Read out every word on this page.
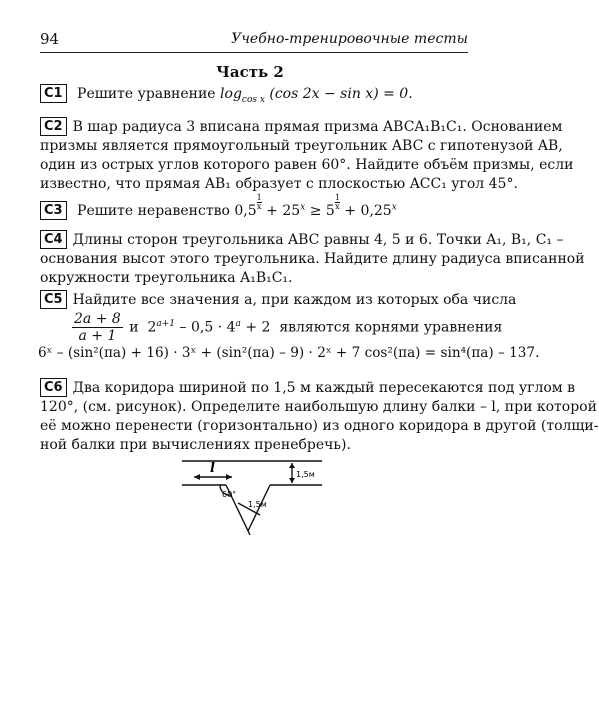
94	Учебно-тренировочные тесты
Часть 2
C1 Решите уравнение $\log_{cos x} (\cos$ 2x − sin x) = 0.
C2 В шар радиуса 3 вписана прямая призма ABCA₁B₁C₁. Основанием
призмы является прямоугольный треугольник ABC с гипотенузой AB,
один из острых углов которого равен 60°. Найдите объём призмы, если
известно, что прямая AB₁ образует с плоскостью ACC₁ угол 45°.
C3 Решите неравенство $0,5 \frac{1}{x} + 25^x \ge 5 \frac{1}{x} + 0,25^x$
C4 Длины сторон треугольника ABC равны 4, 5 и 6. Точки A₁, B₁, C₁ –
основания высот этого треугольника. Найдите длину радиуса вписанной
окружности треугольника A₁B₁C₁.
C5 Найдите все значения a, при каждом из которых оба числа
$\frac{2a + 8}{a + 1}$ и $2^{a+1} - 0,5 \cdot 4^a + 2$ являются корнями уравнения
6ˣ – (sin²(πa) + 16) · 3ˣ + (sin²(πa) – 9) · 2ˣ + 7 cos²(πa) = sin⁴(πa) – 137.
C6 Два коридора шириной по 1,5 м каждый пересекаются под углом в
120°, (см. рисунок). Определите наибольшую длину балки – l, при которой
её можно перенести (горизонтально) из одного коридора в другой (толщи-
ной балки при вычислениях пренебречь).
l	1,5м
1,5м
60°
